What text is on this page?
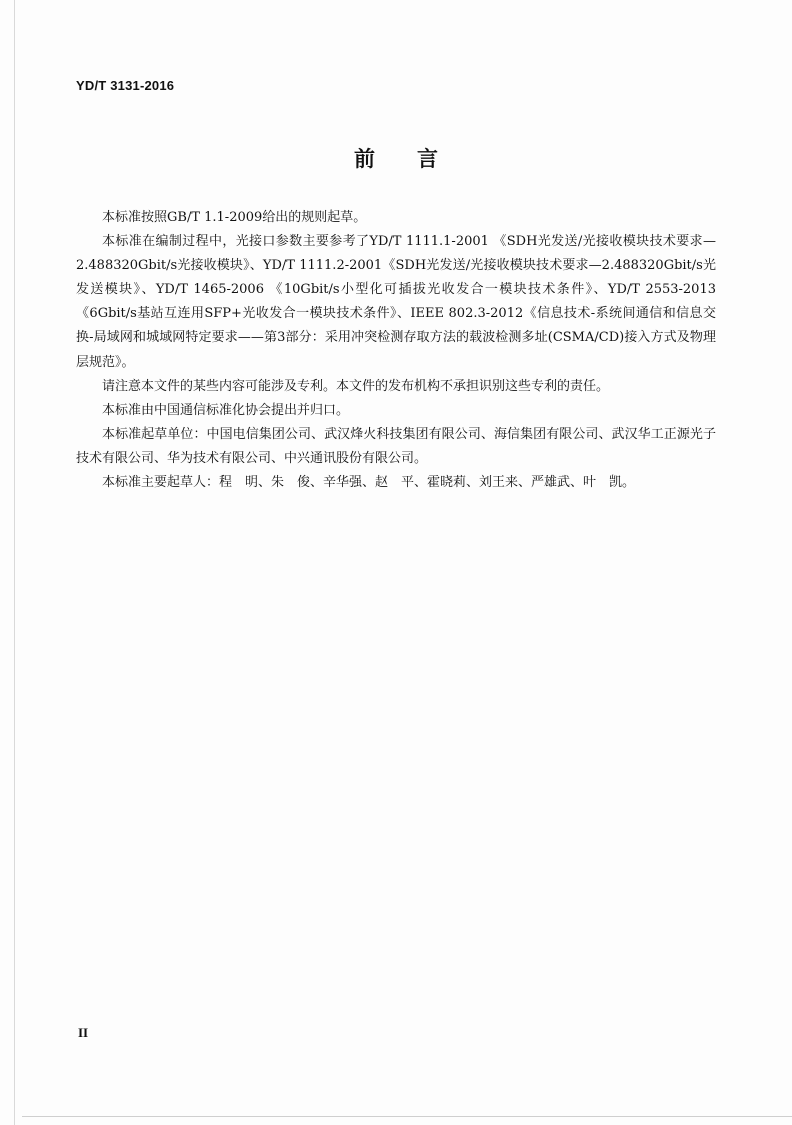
YD/T 3131-2016
前 言

本标准按照GB/T 1.1-2009给出的规则起草。

本标准在编制过程中，光接口参数主要参考了YD/T 1111.1-2001 《SDH光发送/光接收模块技术要求—2.488320Gbit/s光接收模块》、YD/T 1111.2-2001《SDH光发送/光接收模块技术要求—2.488320Gbit/s光发送模块》、YD/T 1465-2006 《10Gbit/s小型化可插拔光收发合一模块技术条件》、YD/T 2553-2013《6Gbit/s基站互连用SFP+光收发合一模块技术条件》、IEEE 802.3-2012《信息技术-系统间通信和信息交换-局域网和城域网特定要求——第3部分：采用冲突检测存取方法的载波检测多址(CSMA/CD)接入方式及物理层规范》。

请注意本文件的某些内容可能涉及专利。本文件的发布机构不承担识别这些专利的责任。

本标准由中国通信标准化协会提出并归口。

本标准起草单位：中国电信集团公司、武汉烽火科技集团有限公司、海信集团有限公司、武汉华工正源光子技术有限公司、华为技术有限公司、中兴通讯股份有限公司。

本标准主要起草人：程　明、朱　俊、辛华强、赵　平、霍晓莉、刘王来、严雄武、叶　凯。

II
